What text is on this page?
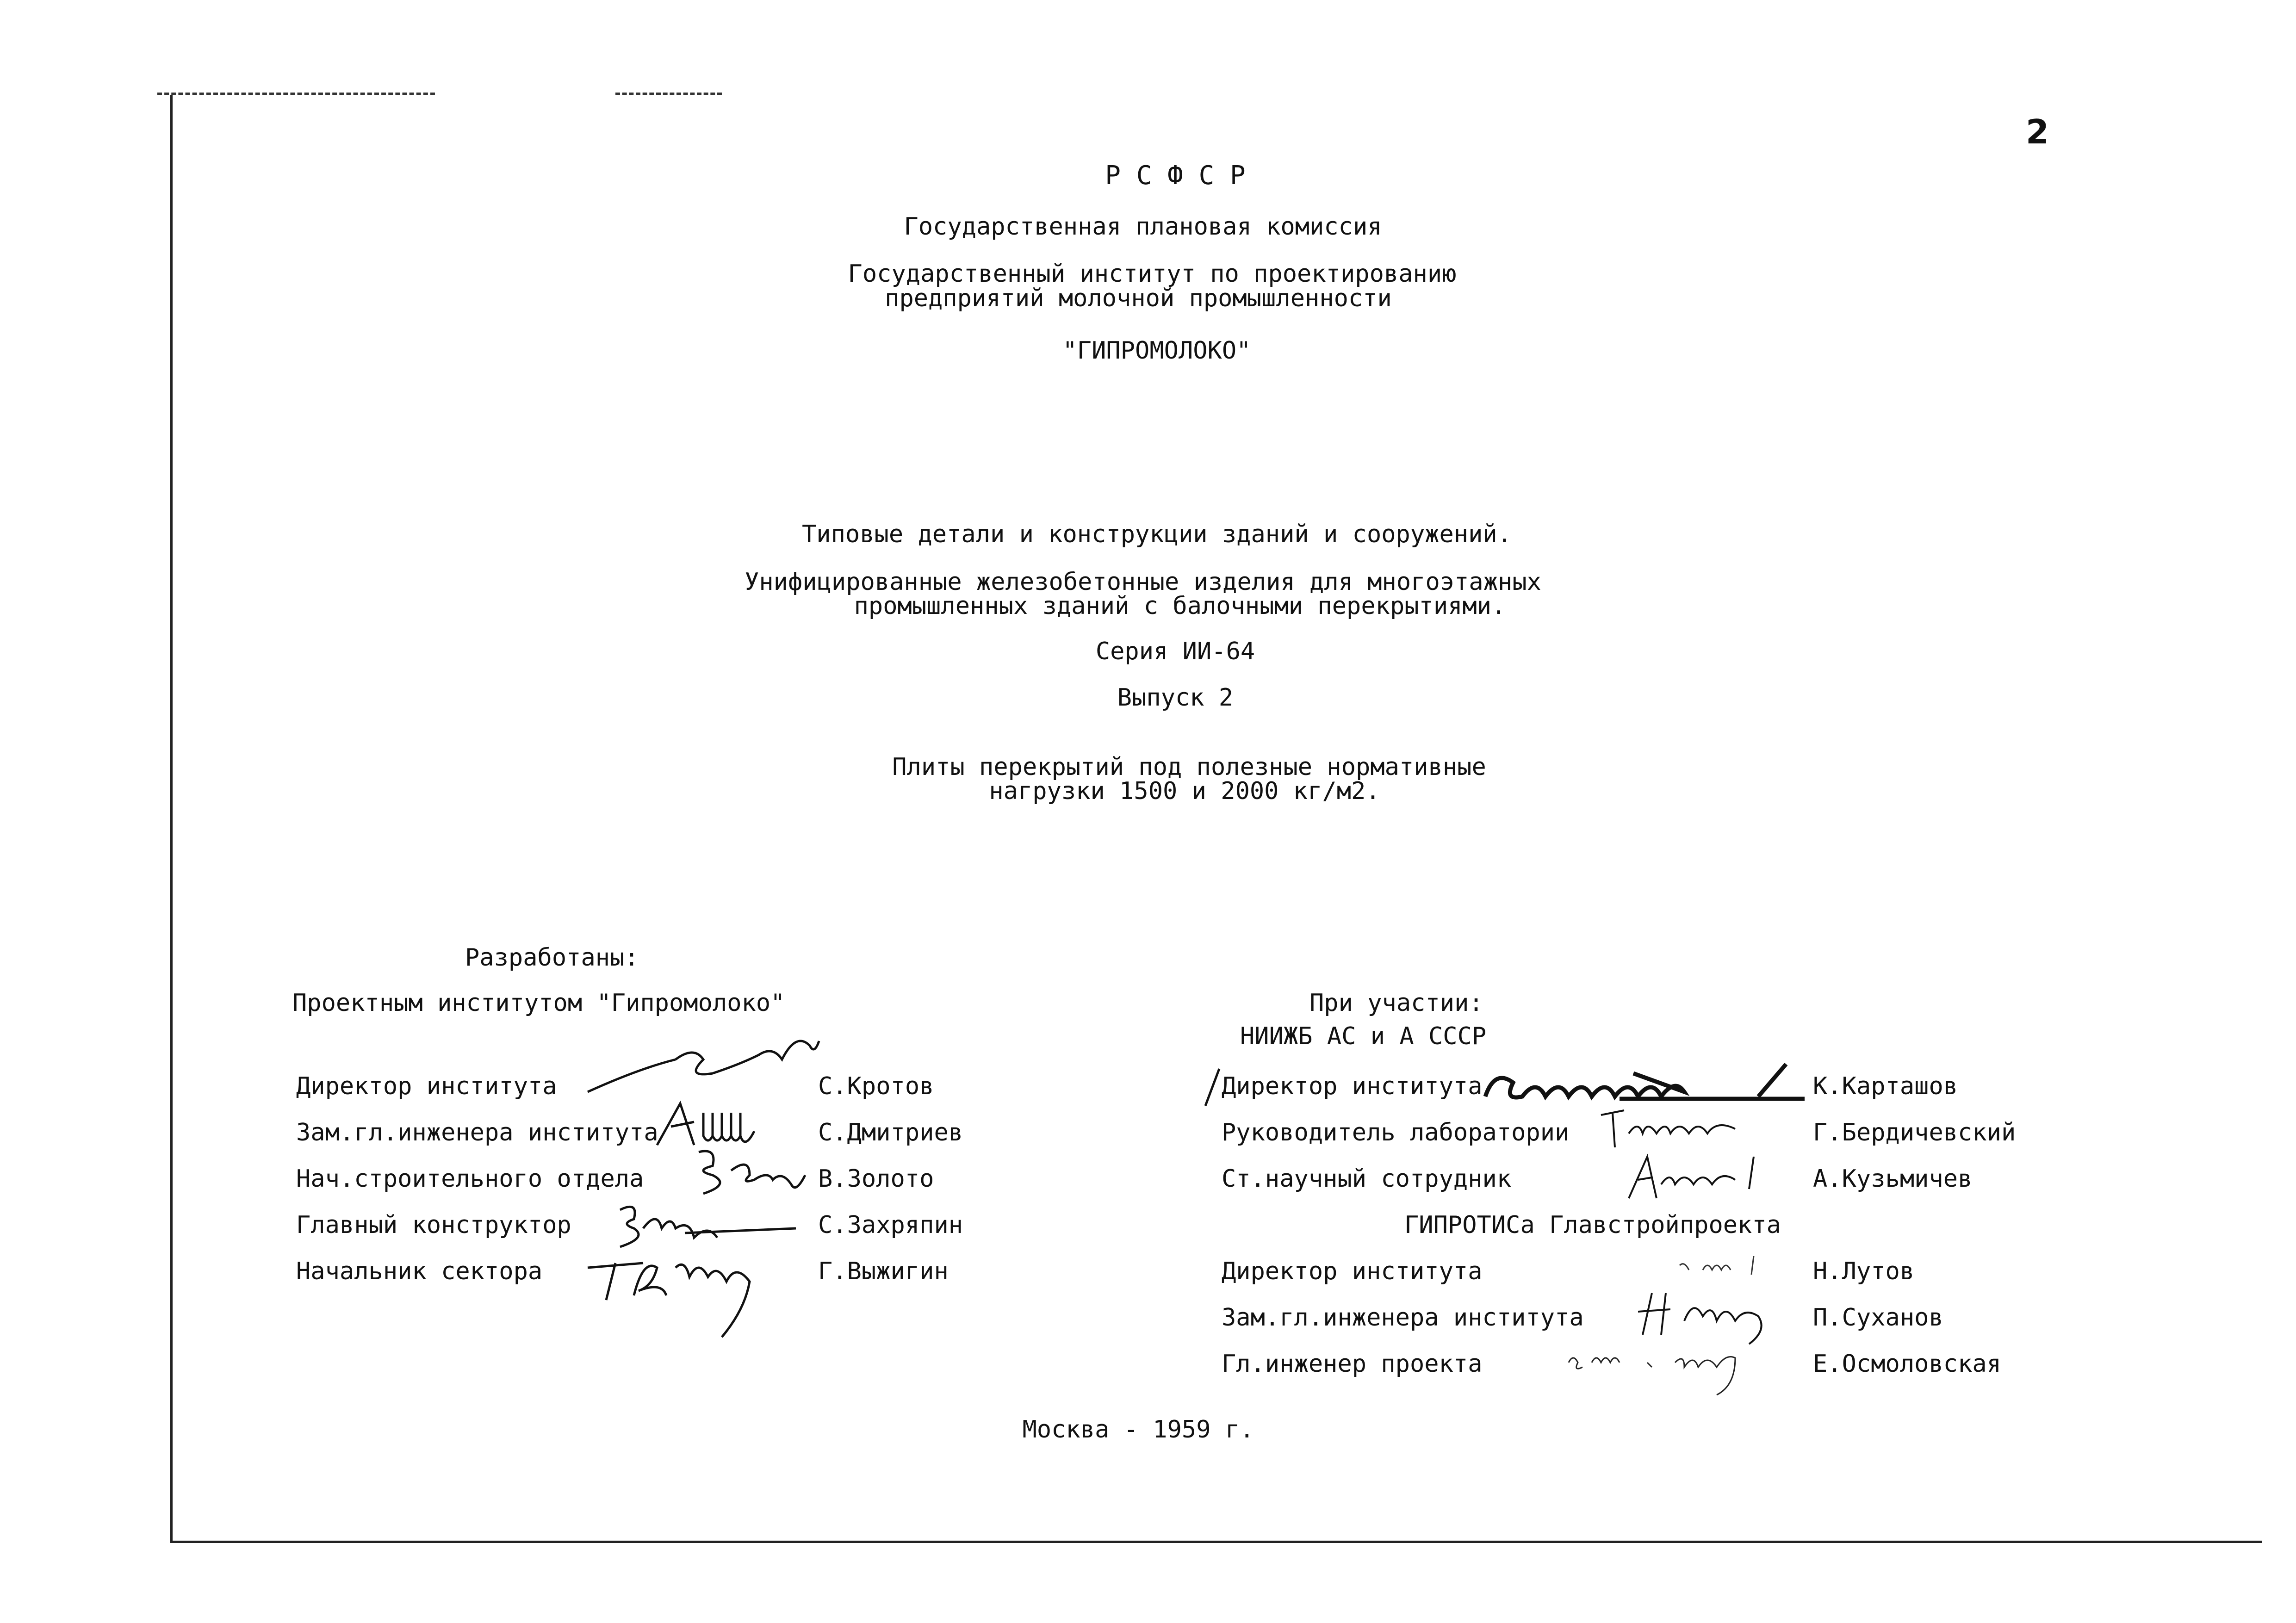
2
Р С Ф С Р
Государственная плановая комиссия
Государственный институт по проектированию
предприятий молочной промышленности
"ГИПРОМОЛОКО"
Типовые детали и конструкции зданий и сооружений.
Унифицированные железобетонные изделия для многоэтажных
промышленных зданий с балочными перекрытиями.
Серия ИИ-64
Выпуск 2
Плиты перекрытий под полезные нормативные
нагрузки 1500 и 2000 кг/м2.
Разработаны:
Проектным институтом "Гипромолоко"
Директор института	С.Кротов
Зам.гл.инженера института	С.Дмитриев
Нач.строительного отдела	В.Золото
Главный конструктор	С.Захряпин
Начальник сектора	Г.Выжигин
При участии:
НИИЖБ АС и А СССР
Директор института	К.Карташов
Руководитель лаборатории	Г.Бердичевский
Ст.научный сотрудник	А.Кузьмичев
ГИПРОТИСа Главстройпроекта
Директор института	Н.Лутов
Зам.гл.инженера института	П.Суханов
Гл.инженер проекта	Е.Осмоловская
Москва - 1959 г.
